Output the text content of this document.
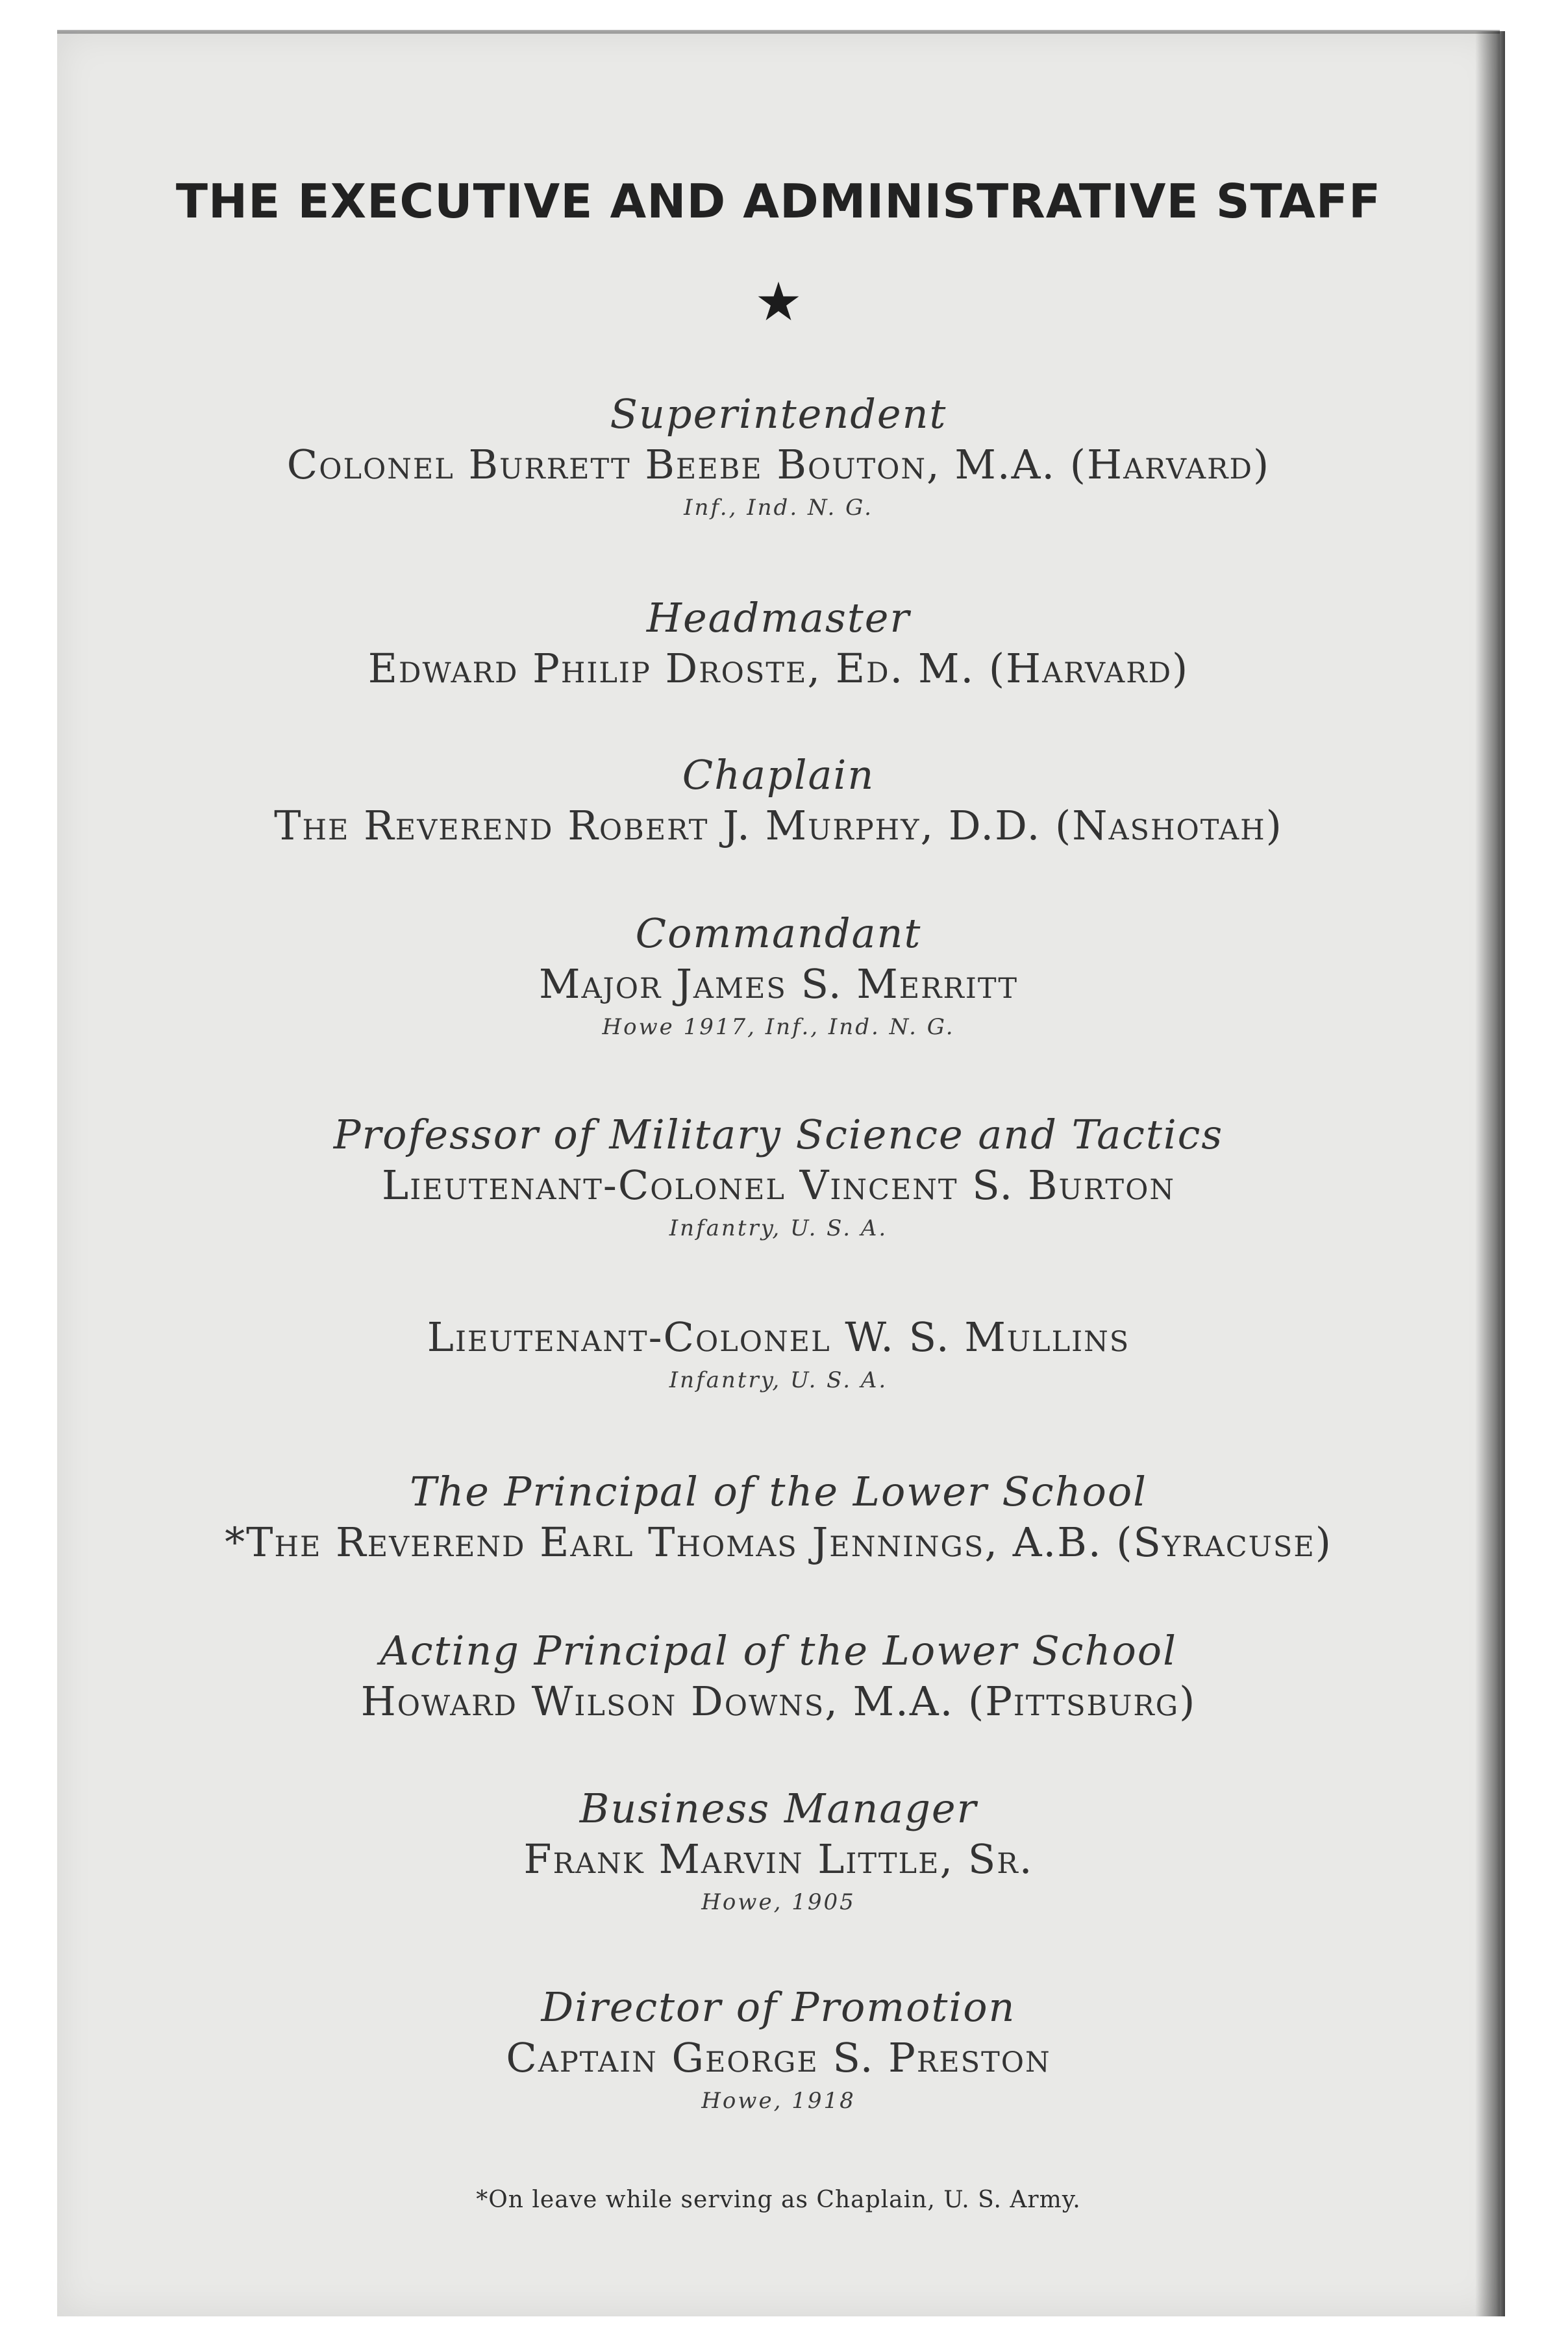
THE EXECUTIVE AND ADMINISTRATIVE STAFF
★
Superintendent
Colonel Burrett Beebe Bouton, M.A. (Harvard)
Inf., Ind. N. G.
Headmaster
Edward Philip Droste, Ed. M. (Harvard)
Chaplain
The Reverend Robert J. Murphy, D.D. (Nashotah)
Commandant
Major James S. Merritt
Howe 1917, Inf., Ind. N. G.
Professor of Military Science and Tactics
Lieutenant-Colonel Vincent S. Burton
Infantry, U. S. A.
Lieutenant-Colonel W. S. Mullins
Infantry, U. S. A.
The Principal of the Lower School
*The Reverend Earl Thomas Jennings, A.B. (Syracuse)
Acting Principal of the Lower School
Howard Wilson Downs, M.A. (Pittsburg)
Business Manager
Frank Marvin Little, Sr.
Howe, 1905
Director of Promotion
Captain George S. Preston
Howe, 1918
*On leave while serving as Chaplain, U. S. Army.
